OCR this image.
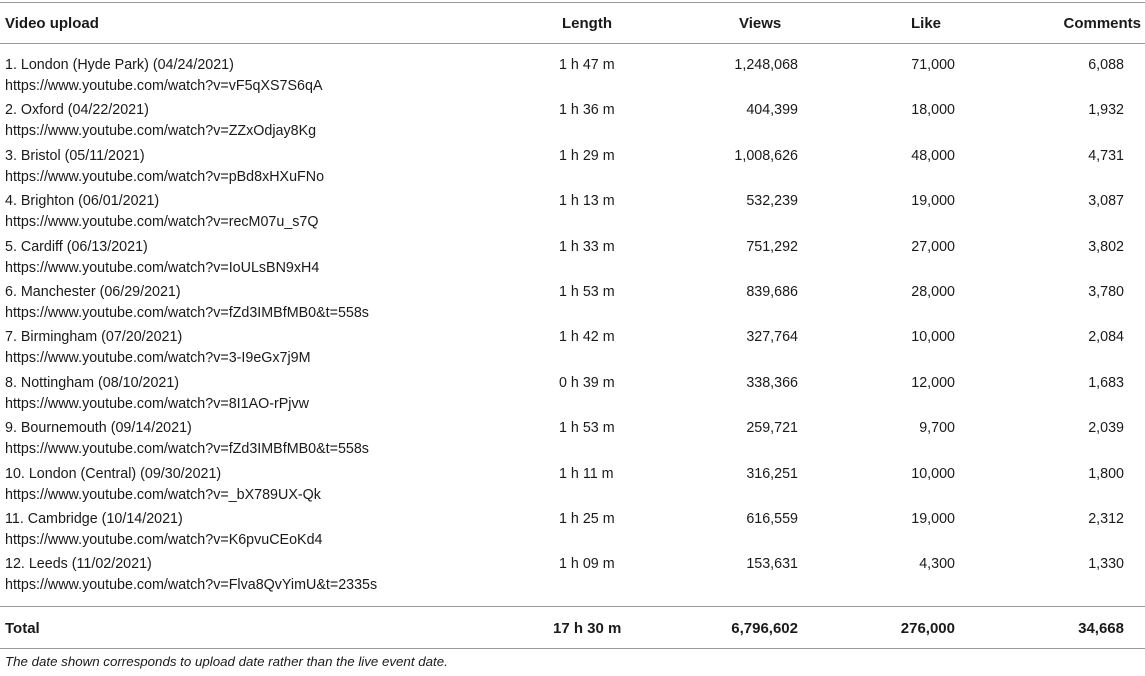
Video upload	Length	Views	Like	Comments
1. London (Hyde Park) (04/24/2021)
https://www.youtube.com/watch?v=vF5qXS7S6qA
1 h 47 m	1,248,068	71,000	6,088
2. Oxford (04/22/2021)
https://www.youtube.com/watch?v=ZZxOdjay8Kg
1 h 36 m	404,399	18,000	1,932
3. Bristol (05/11/2021)
https://www.youtube.com/watch?v=pBd8xHXuFNo
1 h 29 m	1,008,626	48,000	4,731
4. Brighton (06/01/2021)
https://www.youtube.com/watch?v=recM07u_s7Q
1 h 13 m	532,239	19,000	3,087
5. Cardiff (06/13/2021)
https://www.youtube.com/watch?v=IoULsBN9xH4
1 h 33 m	751,292	27,000	3,802
6. Manchester (06/29/2021)
https://www.youtube.com/watch?v=fZd3IMBfMB0&t=558s
1 h 53 m	839,686	28,000	3,780
7. Birmingham (07/20/2021)
https://www.youtube.com/watch?v=3-I9eGx7j9M
1 h 42 m	327,764	10,000	2,084
8. Nottingham (08/10/2021)
https://www.youtube.com/watch?v=8I1AO-rPjvw
0 h 39 m	338,366	12,000	1,683
9. Bournemouth (09/14/2021)
https://www.youtube.com/watch?v=fZd3IMBfMB0&t=558s
1 h 53 m	259,721	9,700	2,039
10. London (Central) (09/30/2021)
https://www.youtube.com/watch?v=_bX789UX-Qk
1 h 11 m	316,251	10,000	1,800
11. Cambridge (10/14/2021)
https://www.youtube.com/watch?v=K6pvuCEoKd4
1 h 25 m	616,559	19,000	2,312
12. Leeds (11/02/2021)
https://www.youtube.com/watch?v=Flva8QvYimU&t=2335s
1 h 09 m	153,631	4,300	1,330
Total	17 h 30 m	6,796,602	276,000	34,668
The date shown corresponds to upload date rather than the live event date.
